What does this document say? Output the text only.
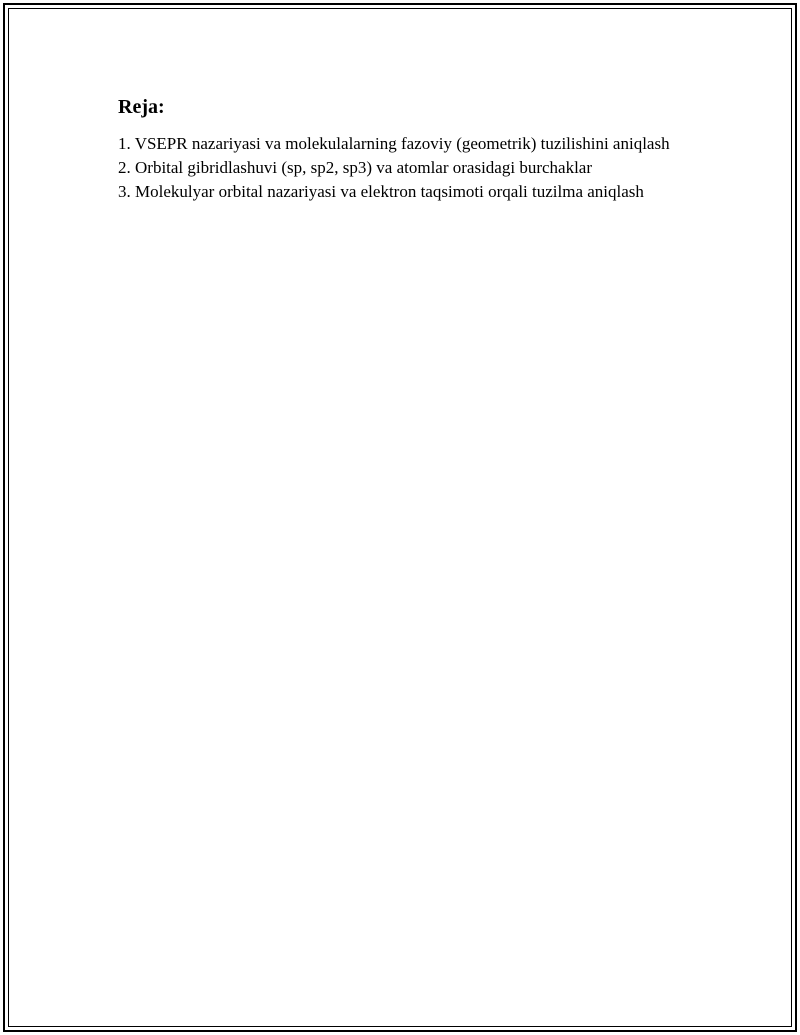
Reja:
1. VSEPR nazariyasi va molekulalarning fazoviy (geometrik) tuzilishini aniqlash
2. Orbital gibridlashuvi (sp, sp2, sp3) va atomlar orasidagi burchaklar
3. Molekulyar orbital nazariyasi va elektron taqsimoti orqali tuzilma aniqlash
